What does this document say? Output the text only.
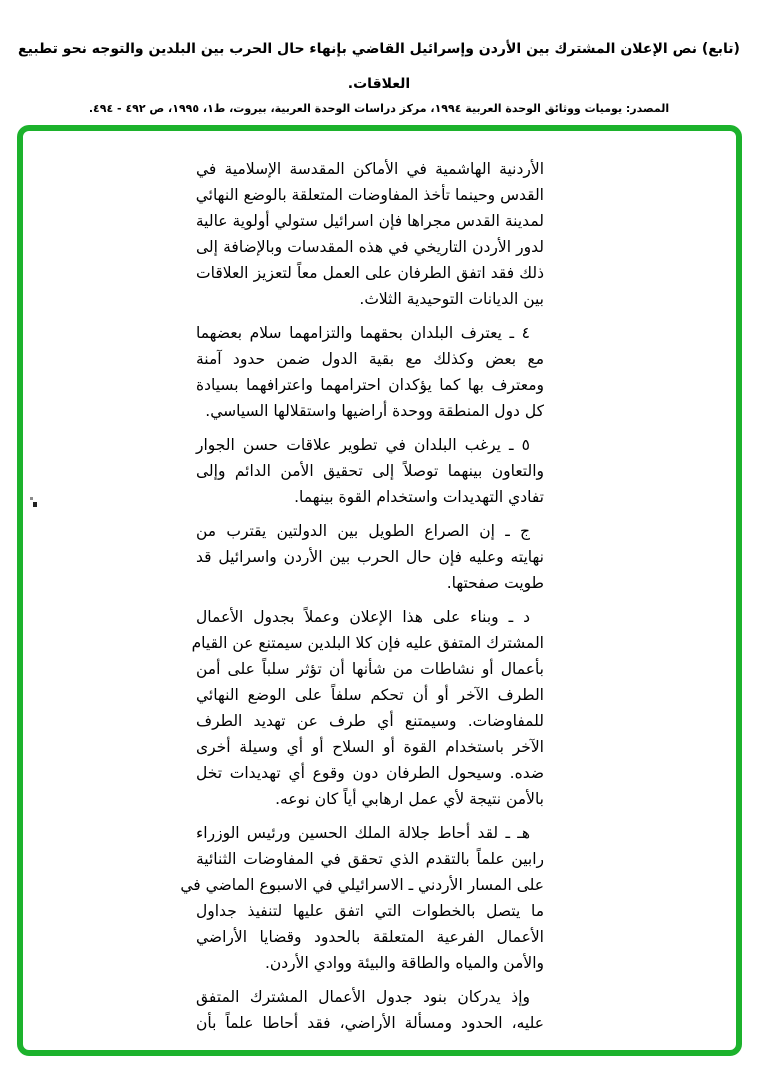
(تابع) نص الإعلان المشترك بين الأردن وإسرائيل القاضي بإنهاء حال الحرب بين البلدين والتوجه نحو تطبيع
العلاقات.
المصدر: يوميات ووثائق الوحدة العربية ١٩٩٤، مركز دراسات الوحدة العربية، بيروت، ط١، ١٩٩٥، ص ٤٩٢ - ٤٩٤.
الأردنية الهاشمية في الأماكن المقدسة الإسلامية في
القدس وحينما تأخذ المفاوضات المتعلقة بالوضع النهائي
لمدينة القدس مجراها فإن اسرائيل ستولي أولوية عالية
لدور الأردن التاريخي في هذه المقدسات وبالإضافة إلى
ذلك فقد اتفق الطرفان على العمل معاً لتعزيز العلاقات
بين الديانات التوحيدية الثلاث.
٤ ـ يعترف البلدان بحقهما والتزامهما سلام بعضهما
مع بعض وكذلك مع بقية الدول ضمن حدود آمنة
ومعترف بها كما يؤكدان احترامهما واعترافهما بسيادة
كل دول المنطقة ووحدة أراضيها واستقلالها السياسي.
٥ ـ يرغب البلدان في تطوير علاقات حسن الجوار
والتعاون بينهما توصلاً إلى تحقيق الأمن الدائم وإلى
تفادي التهديدات واستخدام القوة بينهما.
ج ـ إن الصراع الطويل بين الدولتين يقترب من
نهايته وعليه فإن حال الحرب بين الأردن واسرائيل قد
طويت صفحتها.
د ـ وبناء على هذا الإعلان وعملاً بجدول الأعمال
المشترك المتفق عليه فإن كلا البلدين سيمتنع عن القيام
بأعمال أو نشاطات من شأنها أن تؤثر سلباً على أمن
الطرف الآخر أو أن تحكم سلفاً على الوضع النهائي
للمفاوضات. وسيمتنع أي طرف عن تهديد الطرف
الآخر باستخدام القوة أو السلاح أو أي وسيلة أخرى
ضده. وسيحول الطرفان دون وقوع أي تهديدات تخل
بالأمن نتيجة لأي عمل ارهابي أياً كان نوعه.
هـ ـ لقد أحاط جلالة الملك الحسين ورئيس الوزراء
رابين علماً بالتقدم الذي تحقق في المفاوضات الثنائية
على المسار الأردني ـ الاسرائيلي في الاسبوع الماضي في
ما يتصل بالخطوات التي اتفق عليها لتنفيذ جداول
الأعمال الفرعية المتعلقة بالحدود وقضايا الأراضي
والأمن والمياه والطاقة والبيئة ووادي الأردن.
وإذ يدركان بنود جدول الأعمال المشترك المتفق
عليه، الحدود ومسألة الأراضي، فقد أحاطا علماً بأن
